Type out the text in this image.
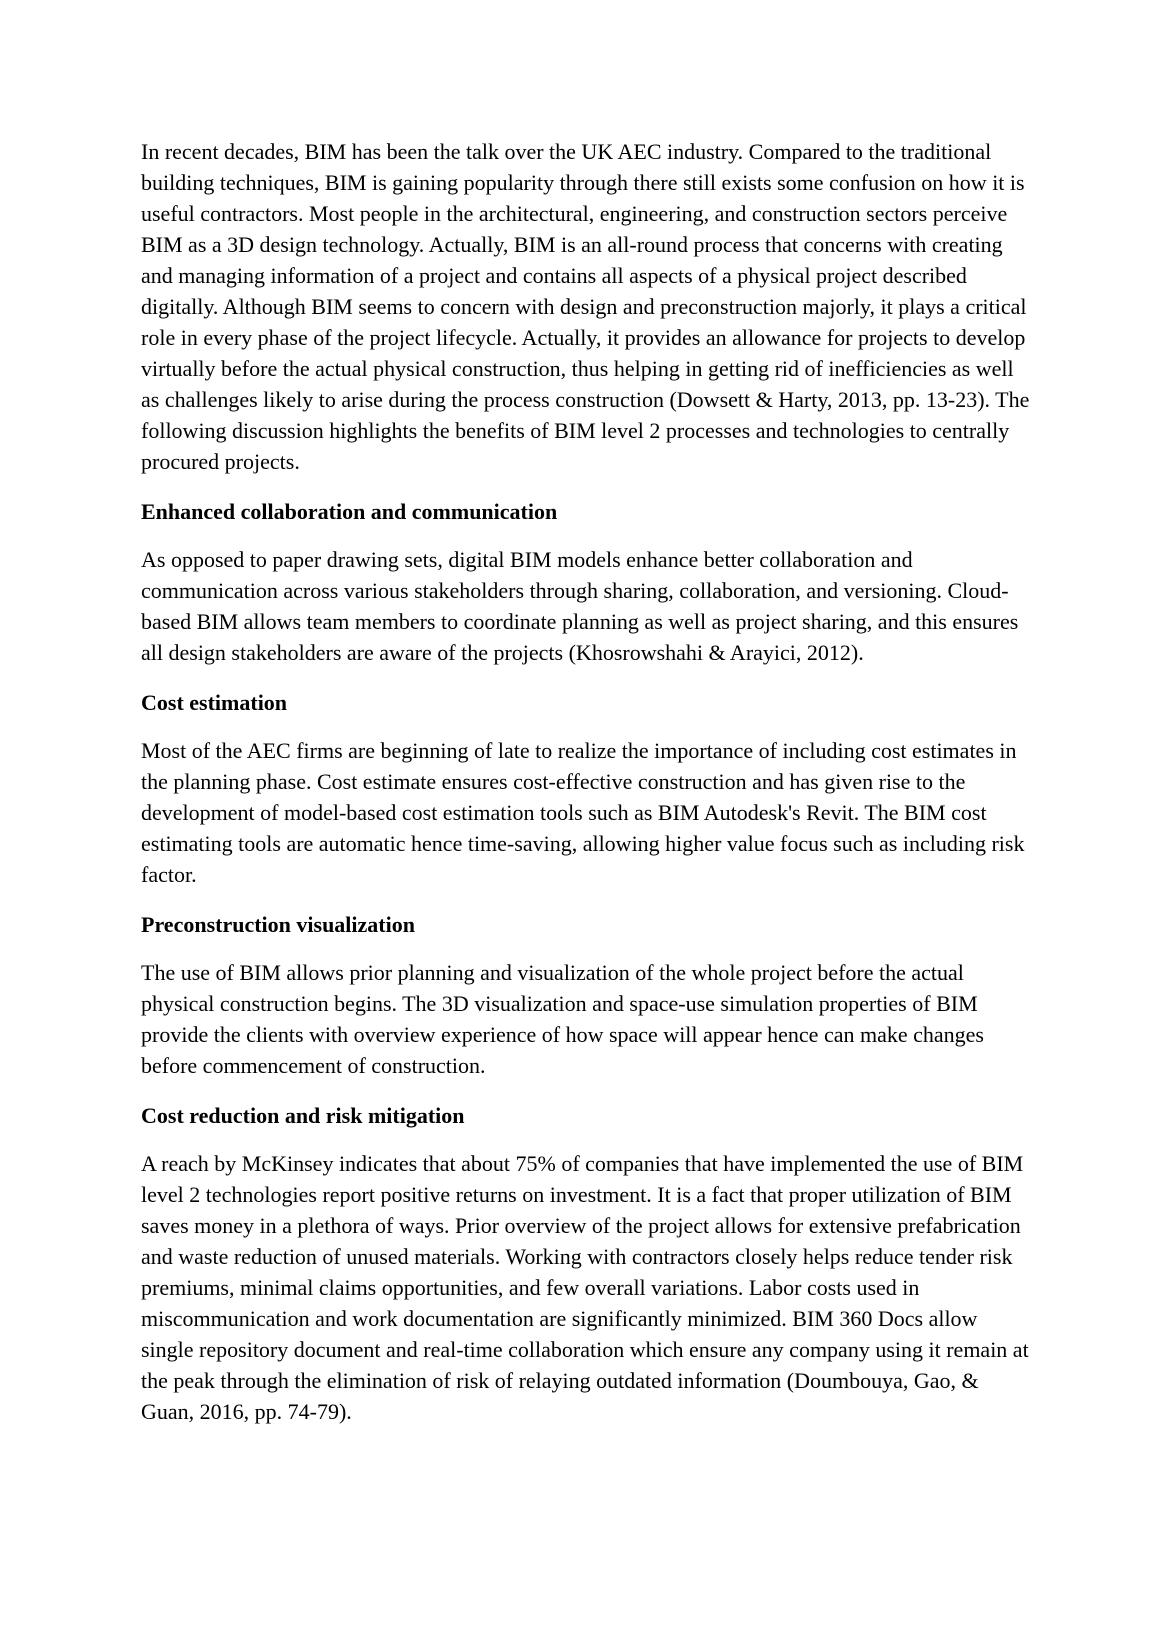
In recent decades, BIM has been the talk over the UK AEC industry. Compared to the traditional building techniques, BIM is gaining popularity through there still exists some confusion on how it is useful contractors. Most people in the architectural, engineering, and construction sectors perceive BIM as a 3D design technology. Actually, BIM is an all-round process that concerns with creating and managing information of a project and contains all aspects of a physical project described digitally. Although BIM seems to concern with design and preconstruction majorly, it plays a critical role in every phase of the project lifecycle. Actually, it provides an allowance for projects to develop virtually before the actual physical construction, thus helping in getting rid of inefficiencies as well as challenges likely to arise during the process construction (Dowsett & Harty, 2013, pp. 13-23). The following discussion highlights the benefits of BIM level 2 processes and technologies to centrally procured projects.

Enhanced collaboration and communication

As opposed to paper drawing sets, digital BIM models enhance better collaboration and communication across various stakeholders through sharing, collaboration, and versioning. Cloud-based BIM allows team members to coordinate planning as well as project sharing, and this ensures all design stakeholders are aware of the projects (Khosrowshahi & Arayici, 2012).

Cost estimation

Most of the AEC firms are beginning of late to realize the importance of including cost estimates in the planning phase. Cost estimate ensures cost-effective construction and has given rise to the development of model-based cost estimation tools such as BIM Autodesk's Revit. The BIM cost estimating tools are automatic hence time-saving, allowing higher value focus such as including risk factor.

Preconstruction visualization

The use of BIM allows prior planning and visualization of the whole project before the actual physical construction begins. The 3D visualization and space-use simulation properties of BIM provide the clients with overview experience of how space will appear hence can make changes before commencement of construction.

Cost reduction and risk mitigation

A reach by McKinsey indicates that about 75% of companies that have implemented the use of BIM level 2 technologies report positive returns on investment. It is a fact that proper utilization of BIM saves money in a plethora of ways. Prior overview of the project allows for extensive prefabrication and waste reduction of unused materials. Working with contractors closely helps reduce tender risk premiums, minimal claims opportunities, and few overall variations. Labor costs used in miscommunication and work documentation are significantly minimized. BIM 360 Docs allow single repository document and real-time collaboration which ensure any company using it remain at the peak through the elimination of risk of relaying outdated information (Doumbouya, Gao, & Guan, 2016, pp. 74-79).
